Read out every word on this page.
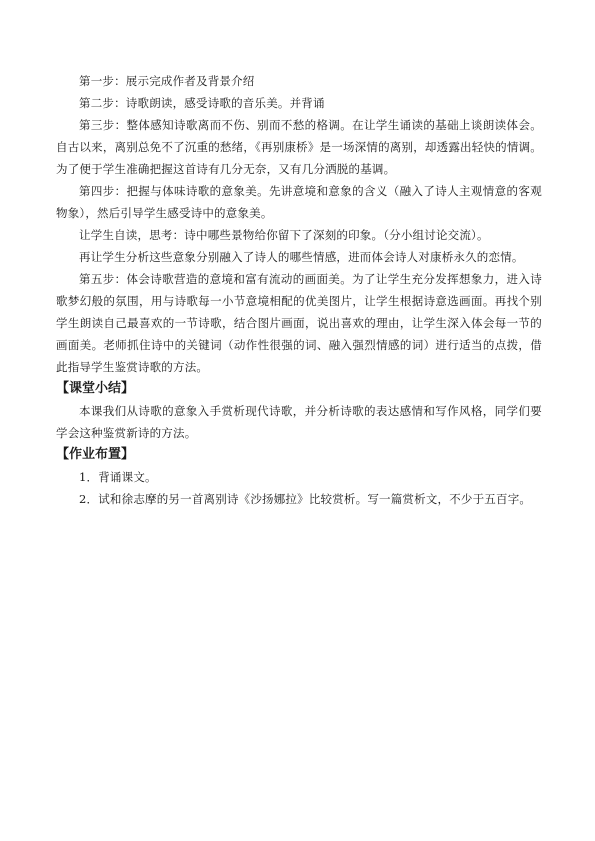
第一步：展示完成作者及背景介绍

第二步：诗歌朗读，感受诗歌的音乐美。并背诵

第三步：整体感知诗歌离而不伤、别而不愁的格调。在让学生诵读的基础上谈朗读体会。自古以来，离别总免不了沉重的愁绪，《再别康桥》是一场深情的离别，却透露出轻快的情调。为了便于学生准确把握这首诗有几分无奈，又有几分洒脱的基调。

第四步：把握与体味诗歌的意象美。先讲意境和意象的含义（融入了诗人主观情意的客观物象），然后引导学生感受诗中的意象美。

让学生自读，思考：诗中哪些景物给你留下了深刻的印象。（分小组讨论交流）。

再让学生分析这些意象分别融入了诗人的哪些情感，进而体会诗人对康桥永久的恋情。

第五步：体会诗歌营造的意境和富有流动的画面美。为了让学生充分发挥想象力，进入诗歌梦幻般的氛围，用与诗歌每一小节意境相配的优美图片，让学生根据诗意选画面。再找个别学生朗读自己最喜欢的一节诗歌，结合图片画面，说出喜欢的理由，让学生深入体会每一节的画面美。老师抓住诗中的关键词（动作性很强的词、融入强烈情感的词）进行适当的点拨，借此指导学生鉴赏诗歌的方法。

【课堂小结】

本课我们从诗歌的意象入手赏析现代诗歌，并分析诗歌的表达感情和写作风格，同学们要学会这种鉴赏新诗的方法。

【作业布置】

1．背诵课文。

2．试和徐志摩的另一首离别诗《沙扬娜拉》比较赏析。写一篇赏析文，不少于五百字。
